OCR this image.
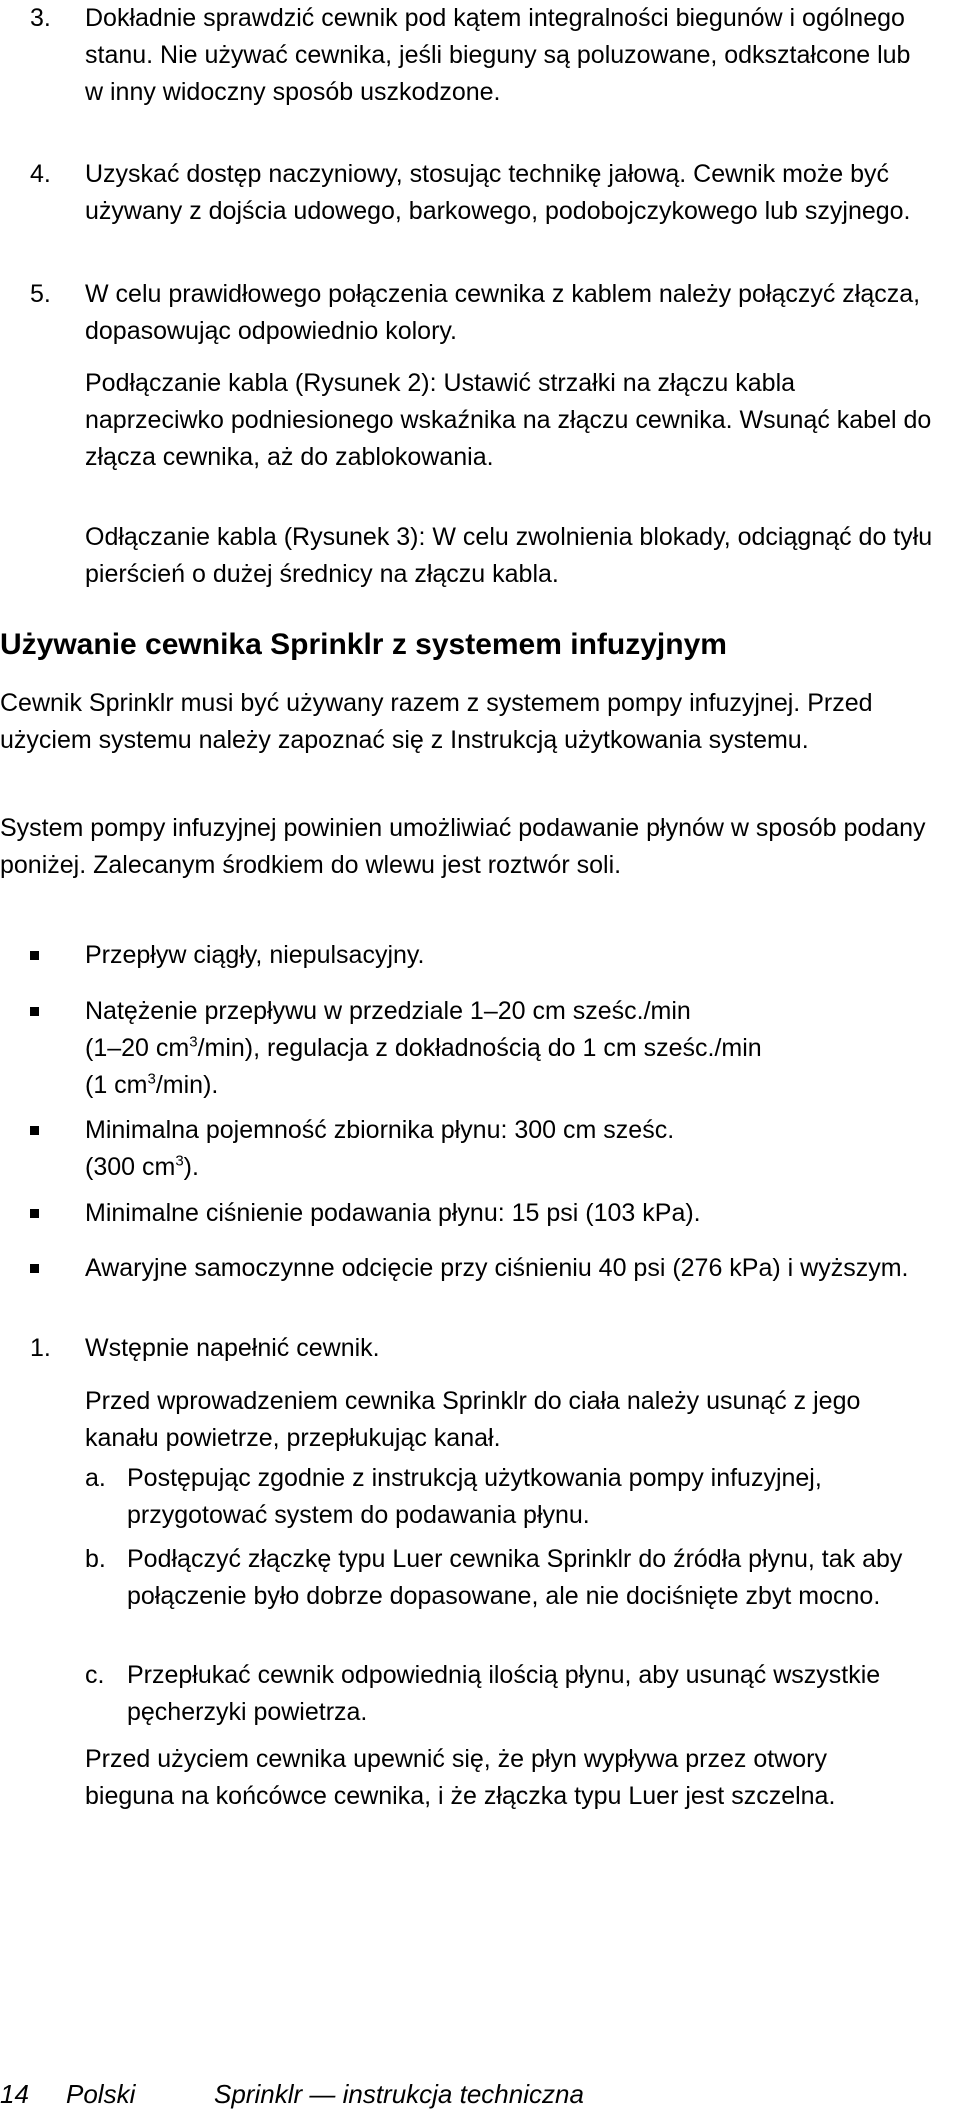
3. Dokładnie sprawdzić cewnik pod kątem integralności biegunów i ogólnego stanu. Nie używać cewnika, jeśli bieguny są poluzowane, odkształcone lub w inny widoczny sposób uszkodzone.

4. Uzyskać dostęp naczyniowy, stosując technikę jałową. Cewnik może być używany z dojścia udowego, barkowego, podobojczykowego lub szyjnego.

5. W celu prawidłowego połączenia cewnika z kablem należy połączyć złącza, dopasowując odpowiednio kolory.

Podłączanie kabla (Rysunek 2): Ustawić strzałki na złączu kabla naprzeciwko podniesionego wskaźnika na złączu cewnika. Wsunąć kabel do złącza cewnika, aż do zablokowania.

Odłączanie kabla (Rysunek 3): W celu zwolnienia blokady, odciągnąć do tyłu pierścień o dużej średnicy na złączu kabla.

Używanie cewnika Sprinklr z systemem infuzyjnym

Cewnik Sprinklr musi być używany razem z systemem pompy infuzyjnej. Przed użyciem systemu należy zapoznać się z Instrukcją użytkowania systemu.

System pompy infuzyjnej powinien umożliwiać podawanie płynów w sposób podany poniżej. Zalecanym środkiem do wlewu jest roztwór soli.

Przepływ ciągły, niepulsacyjny.

Natężenie przepływu w przedziale 1–20 cm sześc./min
(1–20 $cm^3/\min$), regulacja z dokładnością do 1 cm sześc./min
(1 $cm^3/\min$).
Minimalna pojemność zbiornika płynu: 300 cm sześc.
(300 $cm^3$).

Minimalne ciśnienie podawania płynu: 15 psi (103 kPa).

Awaryjne samoczynne odcięcie przy ciśnieniu 40 psi (276 kPa) i wyższym.

1. Wstępnie napełnić cewnik.

Przed wprowadzeniem cewnika Sprinklr do ciała należy usunąć z jego kanału powietrze, przepłukując kanał.

a. Postępując zgodnie z instrukcją użytkowania pompy infuzyjnej, przygotować system do podawania płynu.

b. Podłączyć złączkę typu Luer cewnika Sprinklr do źródła płynu, tak aby połączenie było dobrze dopasowane, ale nie dociśnięte zbyt mocno.

c. Przepłukać cewnik odpowiednią ilością płynu, aby usunąć wszystkie pęcherzyki powietrza.

Przed użyciem cewnika upewnić się, że płyn wypływa przez otwory bieguna na końcówce cewnika, i że złączka typu Luer jest szczelna.

14 Polski	Sprinklr — instrukcja techniczna
